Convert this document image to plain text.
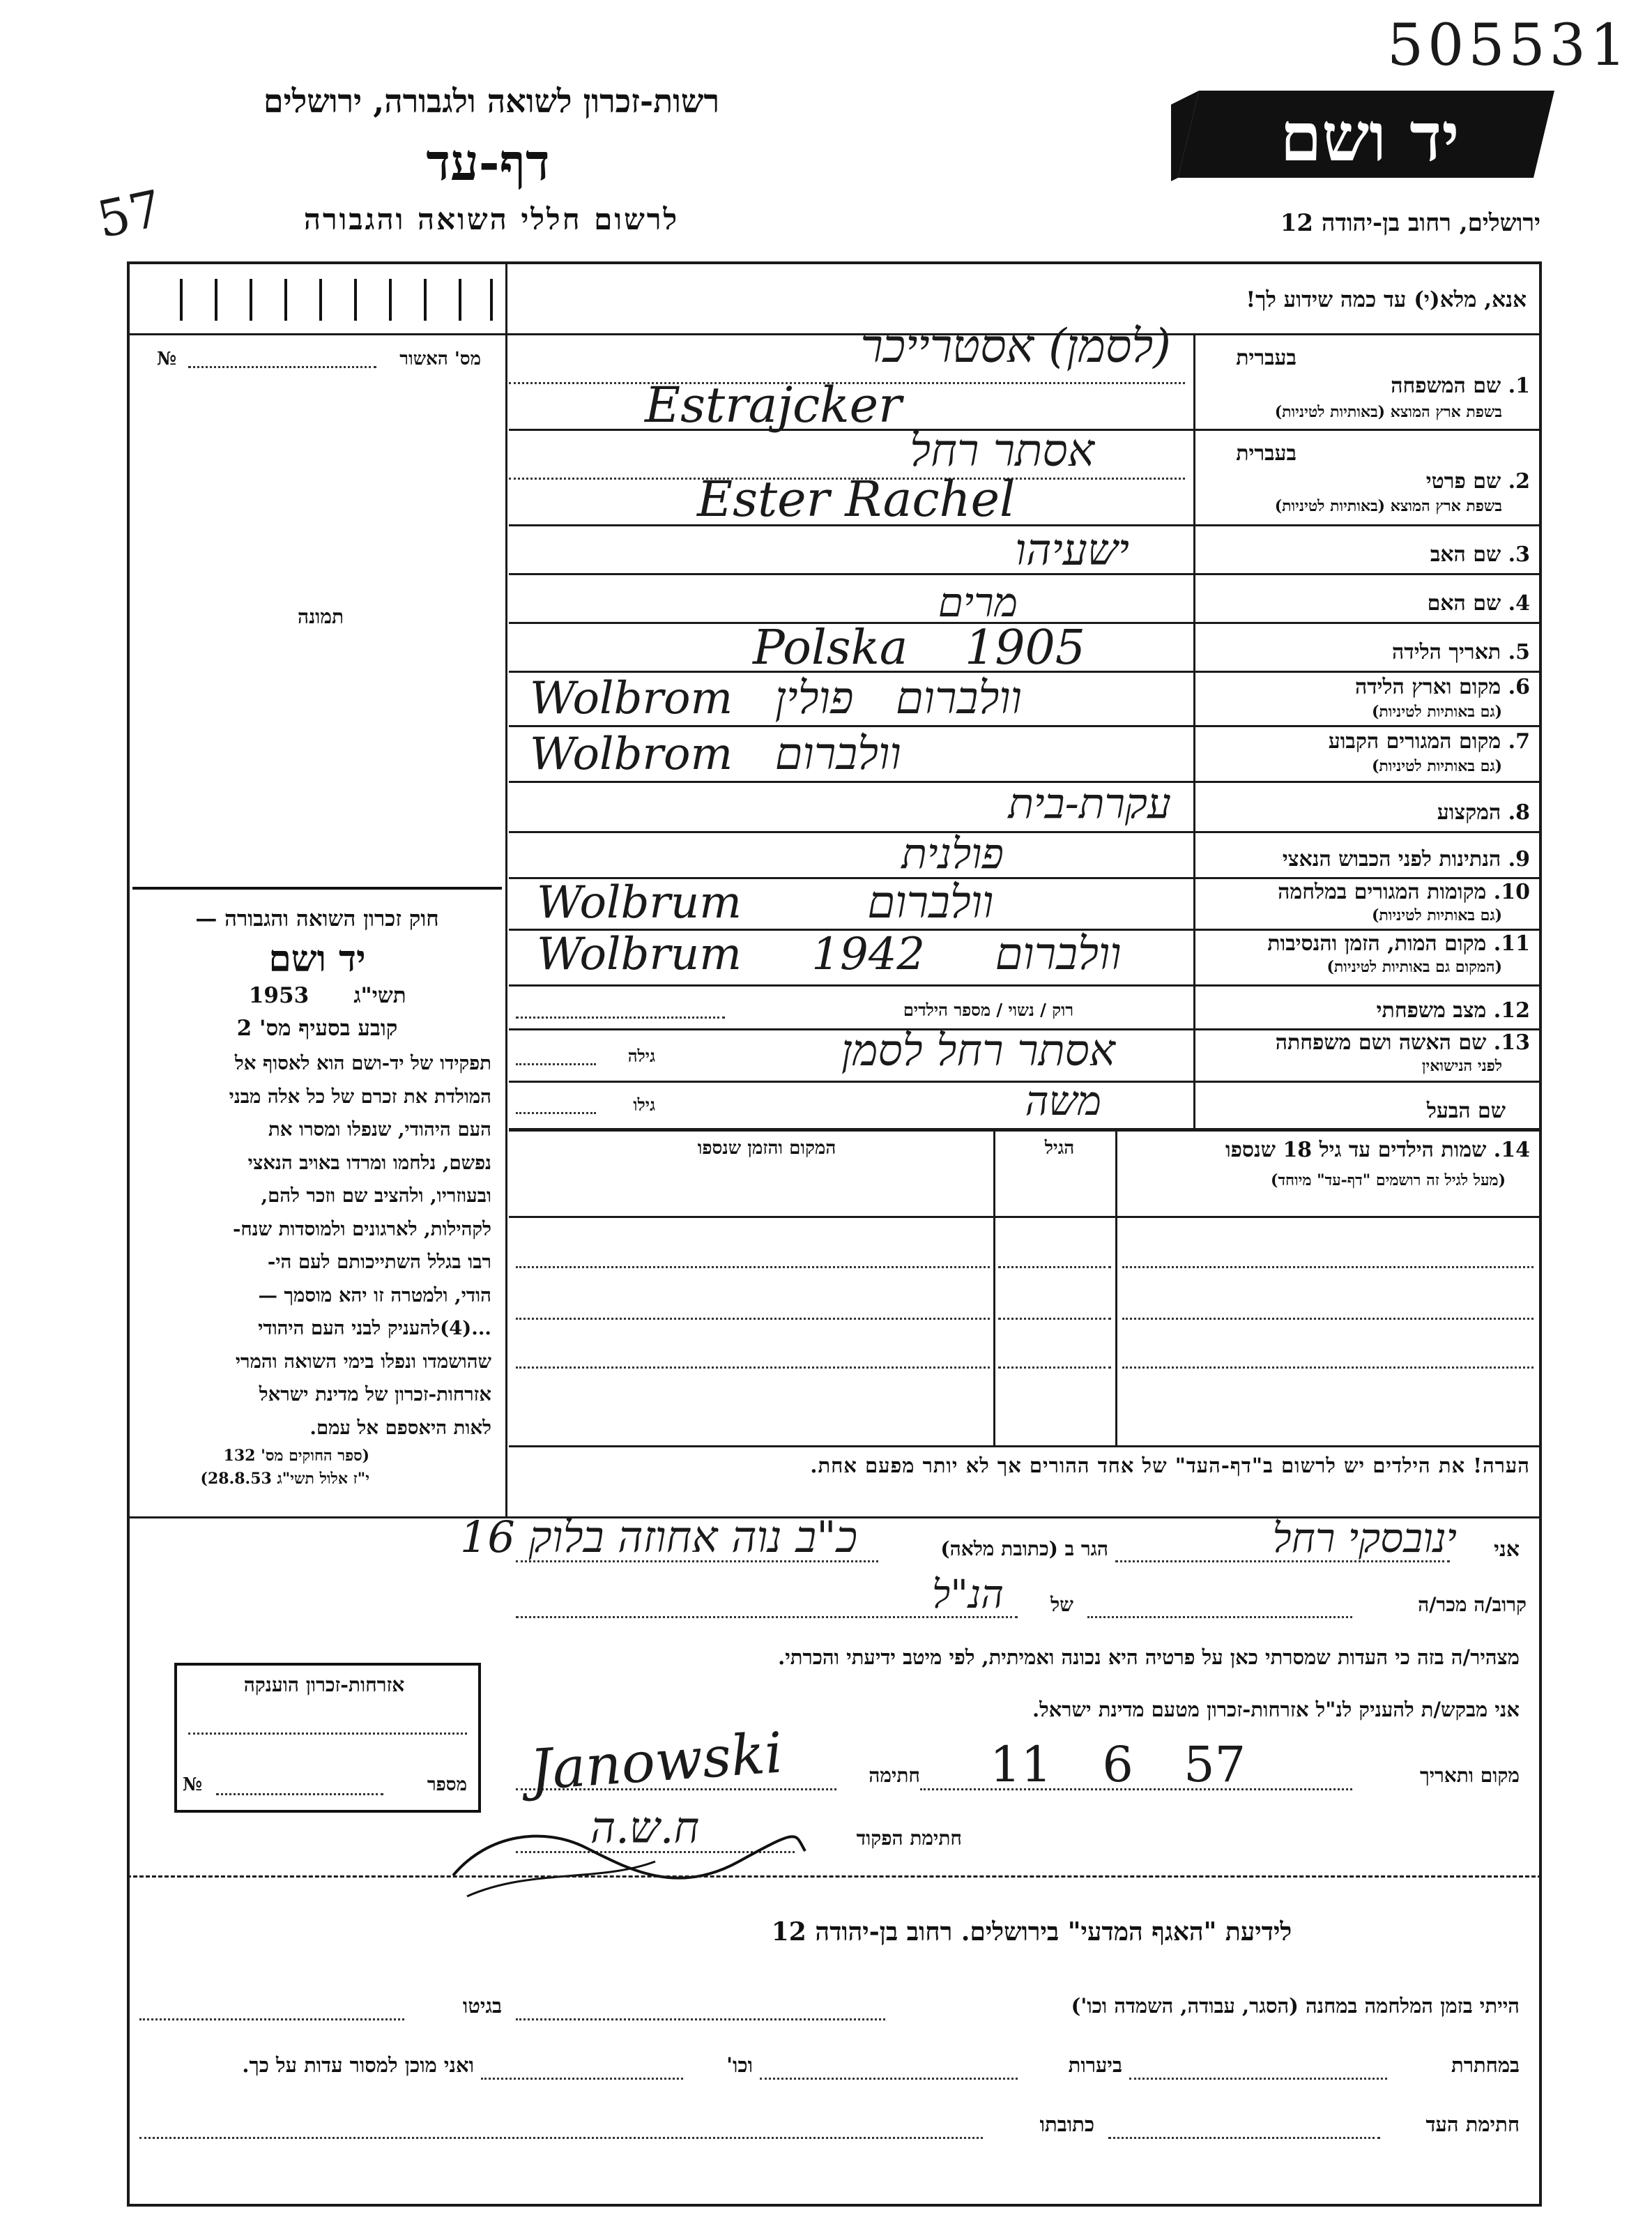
505531
רשות-זכרון לשואה ולגבורה, ירושלים
דף-עד
לרשום חללי השואה והגבורה
57
יד ושם
ירושלים, רחוב בן-יהודה 12
מס' האשור
№
תמונה
חוק זכרון השואה והגבורה —
יד ושם
תשי"ג
1953
קובע בסעיף מס' 2
תפקידו של יד-ושם הוא לאסוף אל
המולדת את זכרם של כל אלה מבני
העם היהודי, שנפלו ומסרו את
נפשם, נלחמו ומרדו באויב הנאצי
ובעוזריו, ולהציב שם וזכר להם,
לקהילות, לארגונים ולמוסדות שנח-
רבו בגלל השתייכותם לעם הי-
הודי, ולמטרה זו יהא מוסמך —
...(4)להעניק לבני העם היהודי
שהושמדו ונפלו בימי השואה והמרי
אזרחות-זכרון של מדינת ישראל
לאות היאספם אל עמם.
(ספר החוקים מס' 132
י"ז אלול תשי"ג 28.8.53)
אנא, מלא(י) עד כמה שידוע לך!
בעברית
1. שם המשפחה
בשפת ארץ המוצא (באותיות לטיניות)
(לסמן) אסטרייכר
Estrajcker
בעברית
2. שם פרטי
בשפת ארץ המוצא (באותיות לטיניות)
אסתר רחל
Ester Rachel
3. שם האב
ישעיהו
4. שם האם
מרים
5. תאריך הלידה
Polska 1905
6. מקום וארץ הלידה
(גם באותיות לטיניות)
Wolbrom וולברום פולין
7. מקום המגורים הקבוע
(גם באותיות לטיניות)
Wolbrom וולברום
8. המקצוע
עקרת-בית
9. הנתינות לפני הכבוש הנאצי
פולנית
10. מקומות המגורים במלחמה
(גם באותיות לטיניות)
Wolbrum וולברום
11. מקום המות, הזמן והנסיבות
(המקום גם באותיות לטיניות)
Wolbrum וולברום 1942
12. מצב משפחתי
רוק / נשוי / מספר הילדים
13. שם האשה ושם משפחתה
לפני הנישואין
גילה	אסתר רחל לסמן
שם הבעל
גילו	משה
14. שמות הילדים עד גיל 18 שנספו
(מעל לגיל זה רושמים "דף-עד" מיוחד)
הגיל
המקום והזמן שנספו
הערה! את הילדים יש לרשום ב"דף-העד" של אחד ההורים אך לא יותר מפעם אחת.
אני
ינובסקי רחל
הגר ב (כתובת מלאה)
כ"ב נוה אחוזה בלוק 16
קרוב/ה מכר/ה
של
הנ"ל
מצהיר/ה בזה כי העדות שמסרתי כאן על פרטיה היא נכונה ואמיתית, לפי מיטב ידיעתי והכרתי.
אני מבקש/ת להעניק לנ"ל אזרחות-זכרון מטעם מדינת ישראל.
מקום ותאריך
11 6 57
חתימה
Janowski
חתימת הפקוד
ח.ש.ה
אזרחות-זכרון הוענקה
מספר
№
לידיעת "האגף המדעי" בירושלים. רחוב בן-יהודה 12
הייתי בזמן המלחמה במחנה (הסגר, עבודה, השמדה וכו')
בגיטו
במחתרת
ביערות
וכו'
ואני מוכן למסור עדות על כך.
חתימת העד
כתובתו
